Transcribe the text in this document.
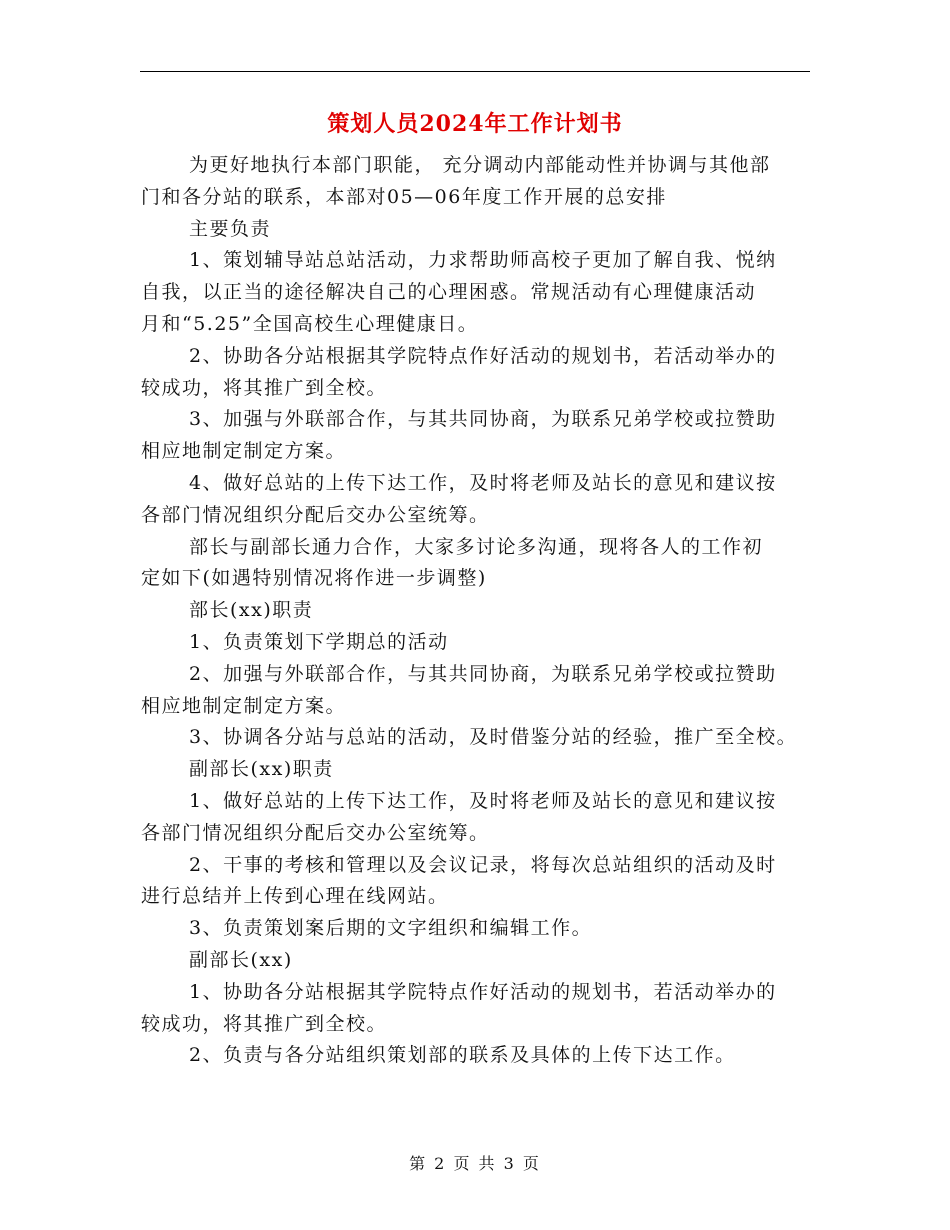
策划人员2024年工作计划书
为更好地执行本部门职能， 充分调动内部能动性并协调与其他部
门和各分站的联系，本部对05—06年度工作开展的总安排
主要负责
1、策划辅导站总站活动，力求帮助师高校子更加了解自我、悦纳
自我，以正当的途径解决自己的心理困惑。常规活动有心理健康活动
月和“5.25”全国高校生心理健康日。
2、协助各分站根据其学院特点作好活动的规划书，若活动举办的
较成功，将其推广到全校。
3、加强与外联部合作，与其共同协商，为联系兄弟学校或拉赞助
相应地制定制定方案。
4、做好总站的上传下达工作，及时将老师及站长的意见和建议按
各部门情况组织分配后交办公室统筹。
部长与副部长通力合作，大家多讨论多沟通，现将各人的工作初
定如下(如遇特别情况将作进一步调整)
部长(xx)职责
1、负责策划下学期总的活动
2、加强与外联部合作，与其共同协商，为联系兄弟学校或拉赞助
相应地制定制定方案。
3、协调各分站与总站的活动，及时借鉴分站的经验，推广至全校。
副部长(xx)职责
1、做好总站的上传下达工作，及时将老师及站长的意见和建议按
各部门情况组织分配后交办公室统筹。
2、干事的考核和管理以及会议记录，将每次总站组织的活动及时
进行总结并上传到心理在线网站。
3、负责策划案后期的文字组织和编辑工作。
副部长(xx)
1、协助各分站根据其学院特点作好活动的规划书，若活动举办的
较成功，将其推广到全校。
2、负责与各分站组织策划部的联系及具体的上传下达工作。
第 2 页 共 3 页
